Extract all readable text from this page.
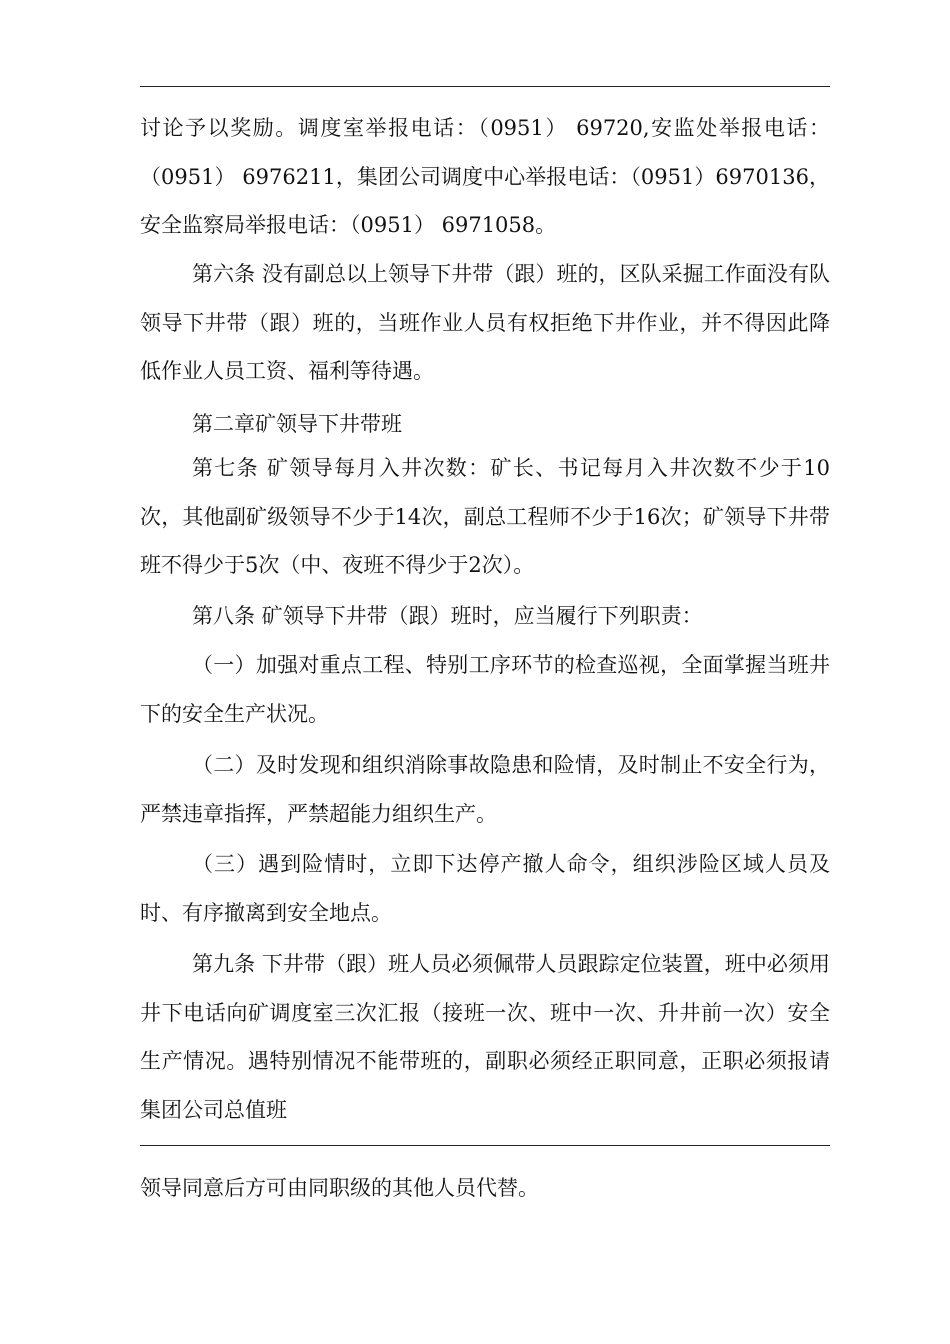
讨论予以奖励。调度室举报电话：（0951） 69720,安监处举报电话：（0951） 6976211，集团公司调度中心举报电话：（0951）6970136，安全监察局举报电话：（0951） 6971058。

第六条 没有副总以上领导下井带（跟）班的，区队采掘工作面没有队领导下井带（跟）班的，当班作业人员有权拒绝下井作业，并不得因此降低作业人员工资、福利等待遇。

第二章矿领导下井带班

第七条 矿领导每月入井次数：矿长、书记每月入井次数不少于10次，其他副矿级领导不少于14次，副总工程师不少于16次；矿领导下井带班不得少于5次（中、夜班不得少于2次）。

第八条 矿领导下井带（跟）班时，应当履行下列职责：

（一）加强对重点工程、特别工序环节的检查巡视，全面掌握当班井下的安全生产状况。

（二）及时发现和组织消除事故隐患和险情，及时制止不安全行为，严禁违章指挥，严禁超能力组织生产。

（三）遇到险情时，立即下达停产撤人命令，组织涉险区域人员及时、有序撤离到安全地点。

第九条 下井带（跟）班人员必须佩带人员跟踪定位装置，班中必须用井下电话向矿调度室三次汇报（接班一次、班中一次、升井前一次）安全生产情况。遇特别情况不能带班的，副职必须经正职同意，正职必须报请集团公司总值班

领导同意后方可由同职级的其他人员代替。
